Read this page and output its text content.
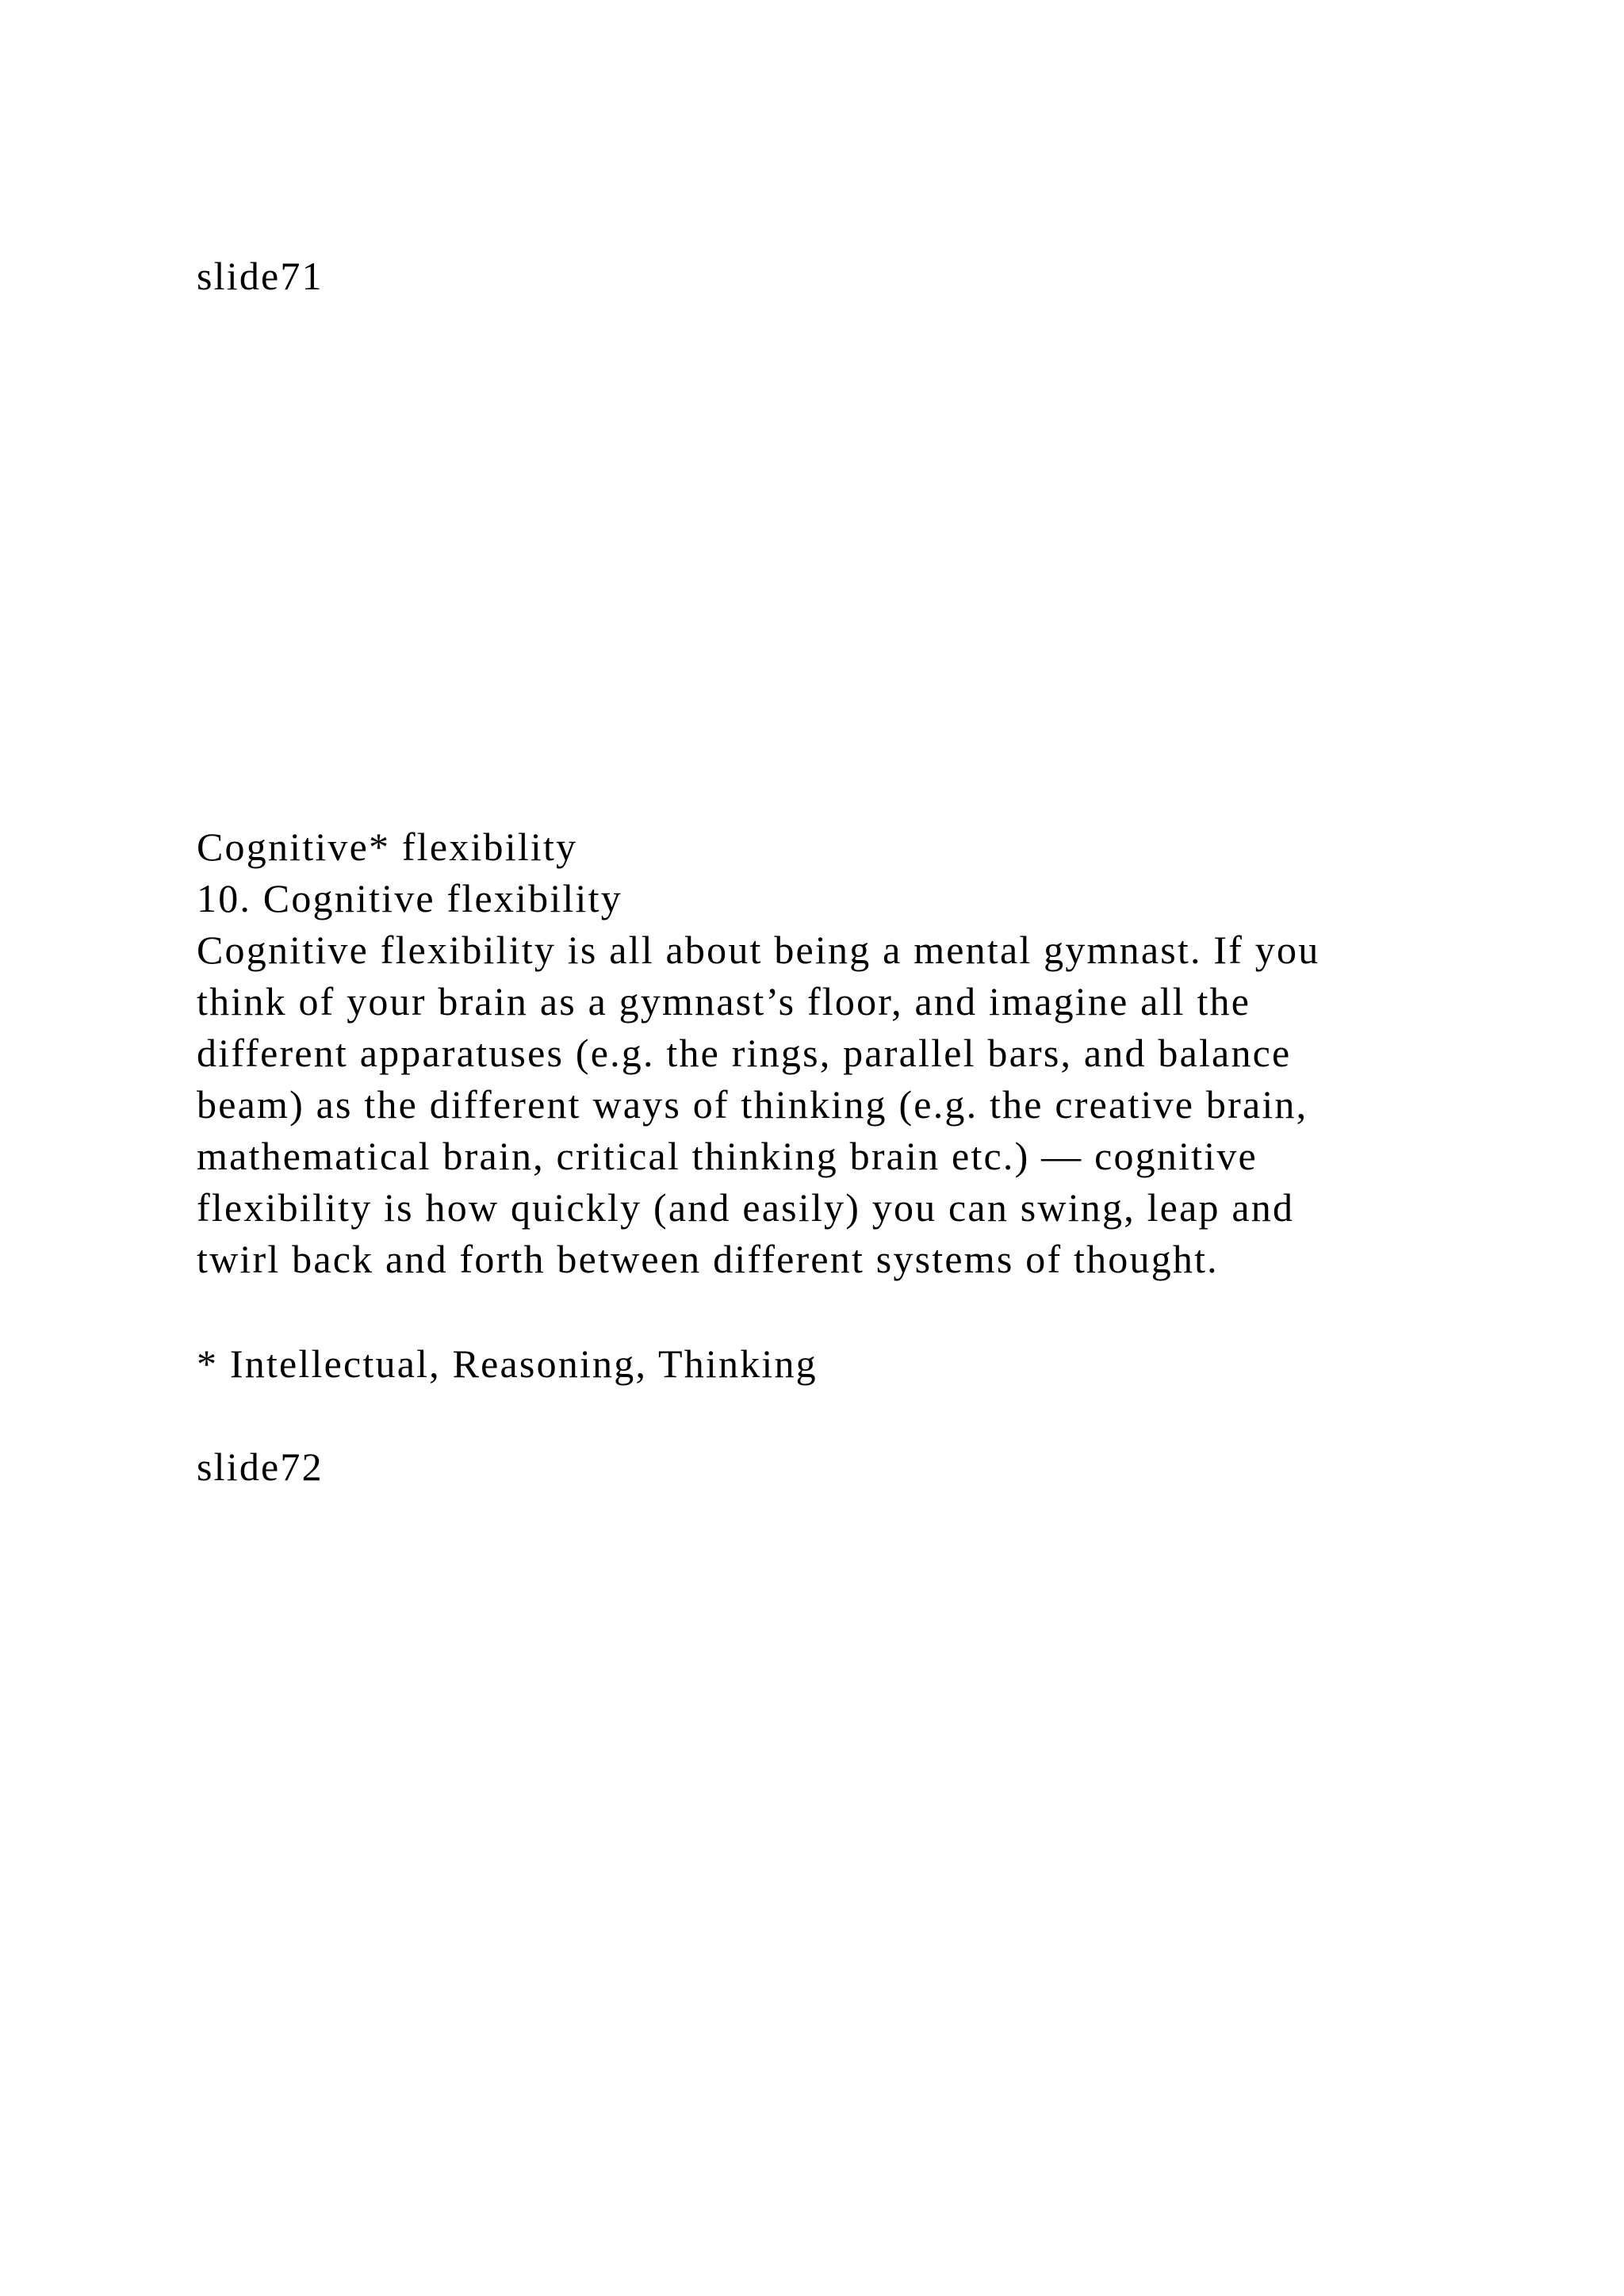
slide71

Cognitive* flexibility

10. Cognitive flexibility

Cognitive flexibility is all about being a mental gymnast. If you

think of your brain as a gymnast’s floor, and imagine all the

different apparatuses (e.g. the rings, parallel bars, and balance

beam) as the different ways of thinking (e.g. the creative brain,

mathematical brain, critical thinking brain etc.) — cognitive

flexibility is how quickly (and easily) you can swing, leap and

twirl back and forth between different systems of thought.

* Intellectual, Reasoning, Thinking

slide72
